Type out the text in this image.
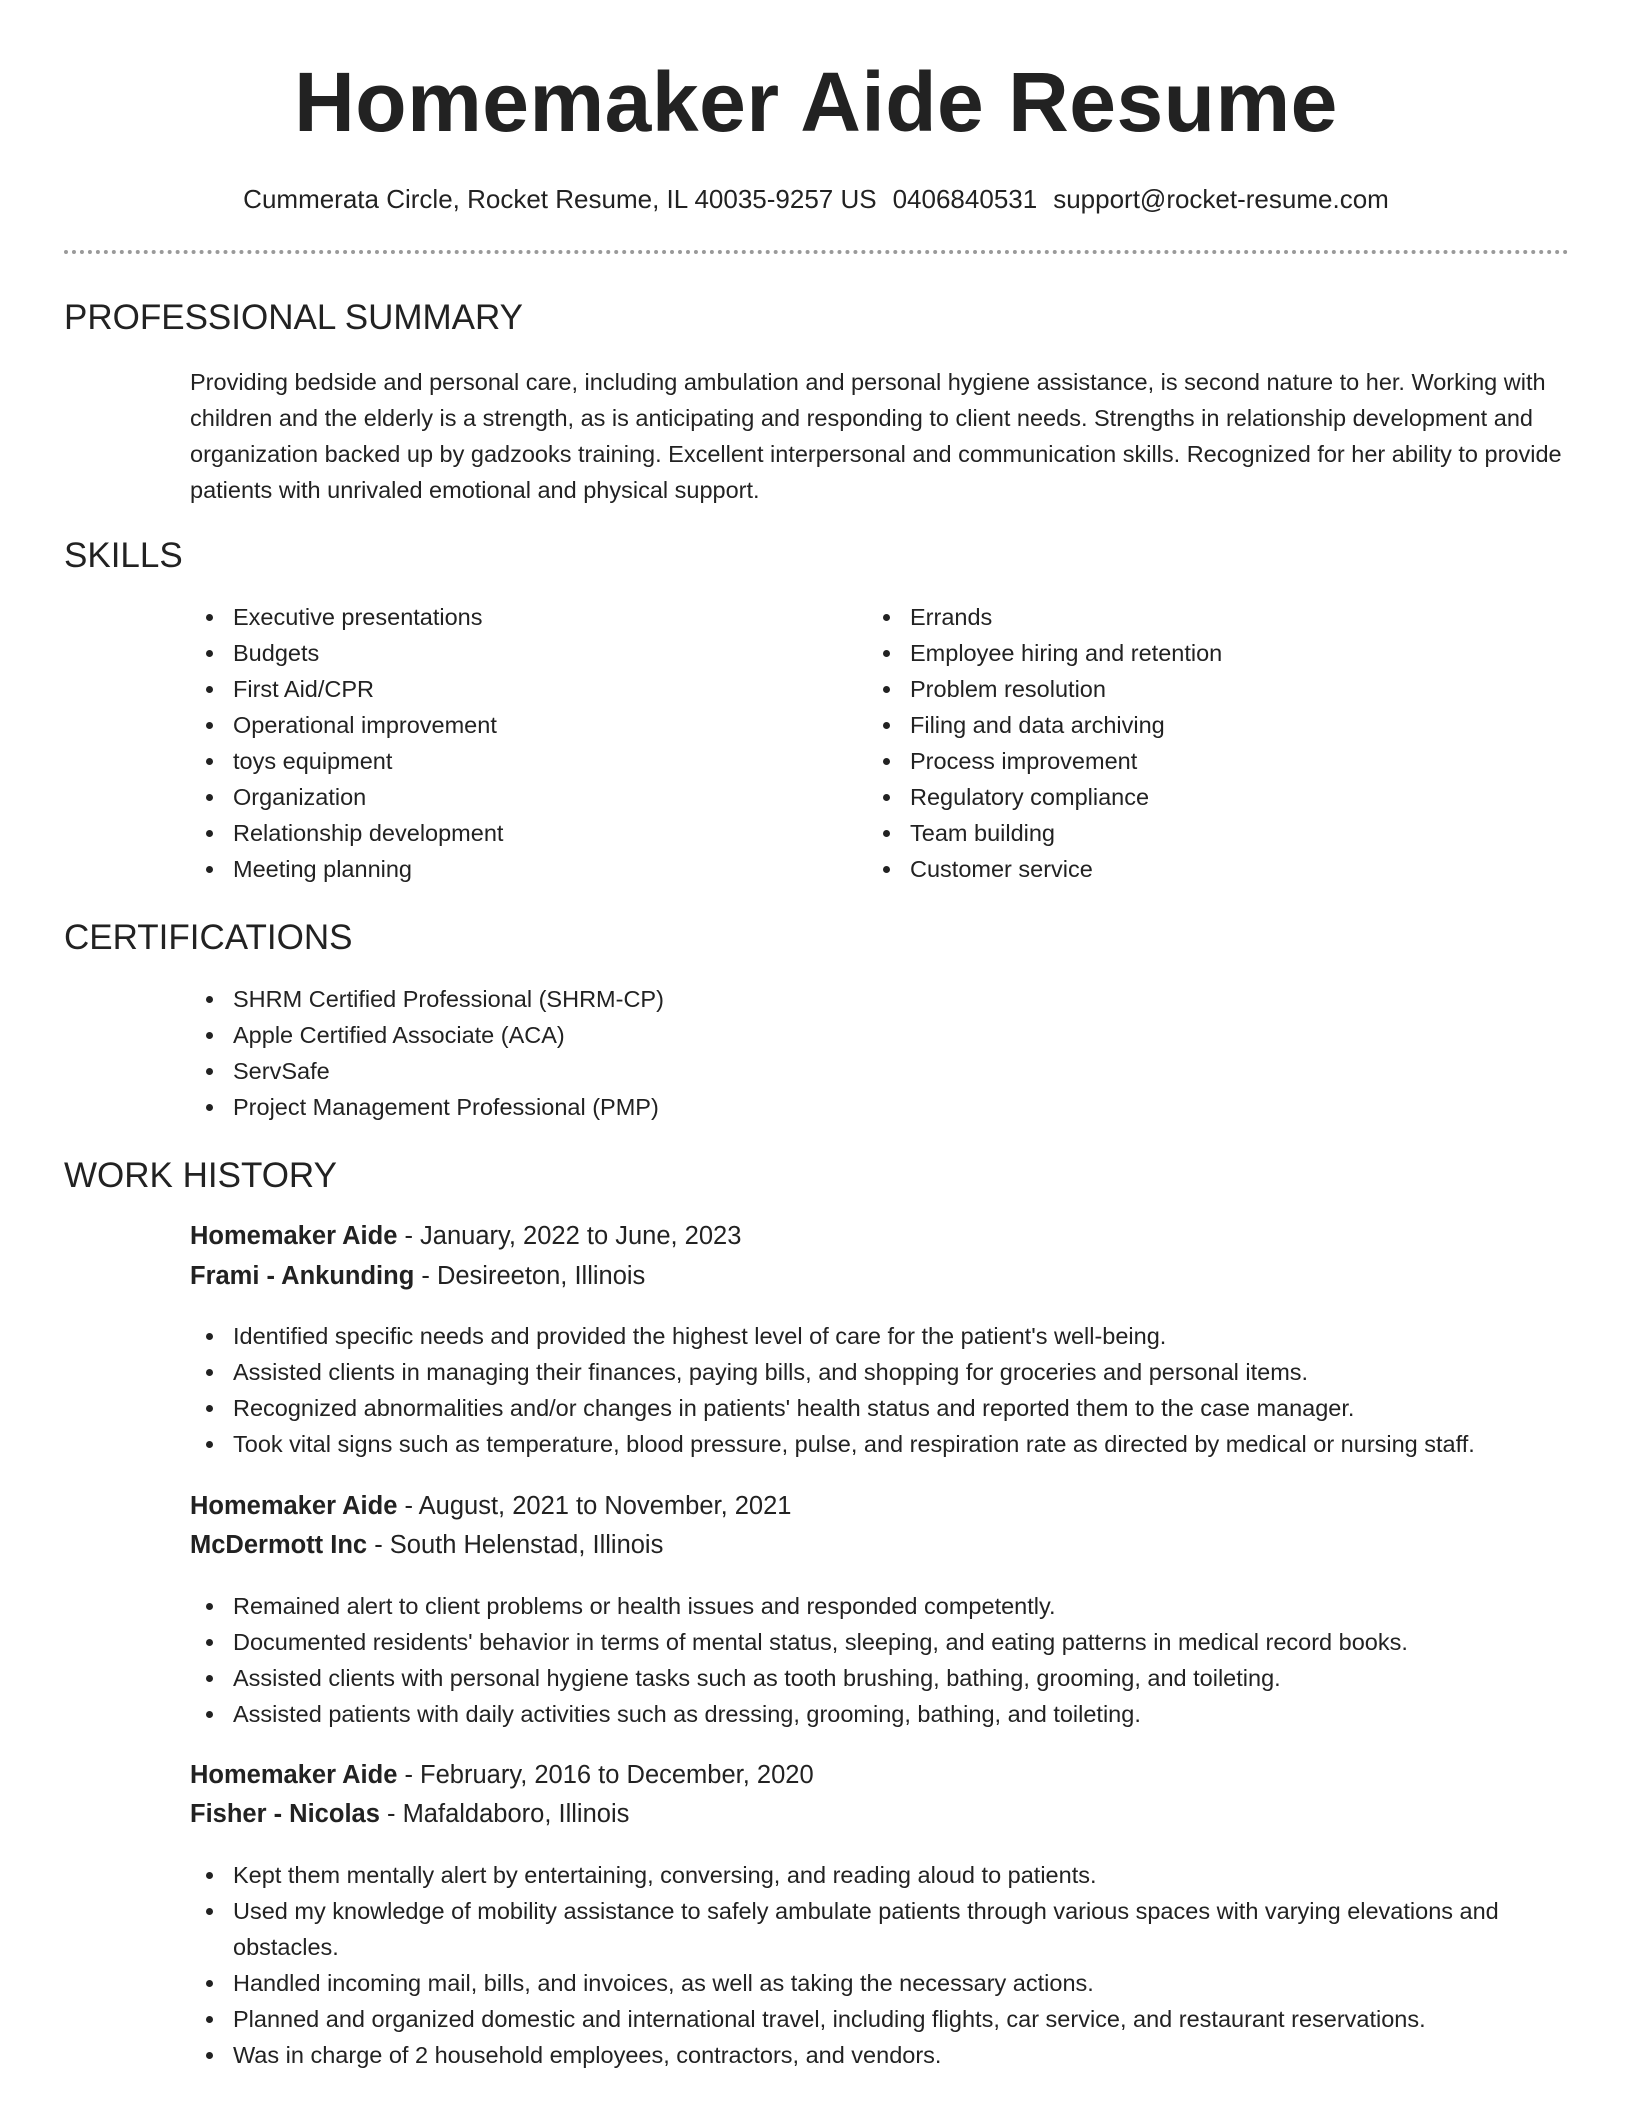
Homemaker Aide Resume
Cummerata Circle, Rocket Resume, IL 40035-9257 US 0406840531 support@rocket-resume.com
PROFESSIONAL SUMMARY
Providing bedside and personal care, including ambulation and personal hygiene assistance, is second nature to her. Working with children and the elderly is a strength, as is anticipating and responding to client needs. Strengths in relationship development and organization backed up by gadzooks training. Excellent interpersonal and communication skills. Recognized for her ability to provide patients with unrivaled emotional and physical support.
SKILLS
Executive presentations
Budgets
First Aid/CPR
Operational improvement
toys equipment
Organization
Relationship development
Meeting planning
Errands
Employee hiring and retention
Problem resolution
Filing and data archiving
Process improvement
Regulatory compliance
Team building
Customer service
CERTIFICATIONS
SHRM Certified Professional (SHRM-CP)
Apple Certified Associate (ACA)
ServSafe
Project Management Professional (PMP)
WORK HISTORY
Homemaker Aide - January, 2022 to June, 2023
Frami - Ankunding - Desireeton, Illinois
Identified specific needs and provided the highest level of care for the patient's well-being.
Assisted clients in managing their finances, paying bills, and shopping for groceries and personal items.
Recognized abnormalities and/or changes in patients' health status and reported them to the case manager.
Took vital signs such as temperature, blood pressure, pulse, and respiration rate as directed by medical or nursing staff.
Homemaker Aide - August, 2021 to November, 2021
McDermott Inc - South Helenstad, Illinois
Remained alert to client problems or health issues and responded competently.
Documented residents' behavior in terms of mental status, sleeping, and eating patterns in medical record books.
Assisted clients with personal hygiene tasks such as tooth brushing, bathing, grooming, and toileting.
Assisted patients with daily activities such as dressing, grooming, bathing, and toileting.
Homemaker Aide - February, 2016 to December, 2020
Fisher - Nicolas - Mafaldaboro, Illinois
Kept them mentally alert by entertaining, conversing, and reading aloud to patients.
Used my knowledge of mobility assistance to safely ambulate patients through various spaces with varying elevations and obstacles.
Handled incoming mail, bills, and invoices, as well as taking the necessary actions.
Planned and organized domestic and international travel, including flights, car service, and restaurant reservations.
Was in charge of 2 household employees, contractors, and vendors.
